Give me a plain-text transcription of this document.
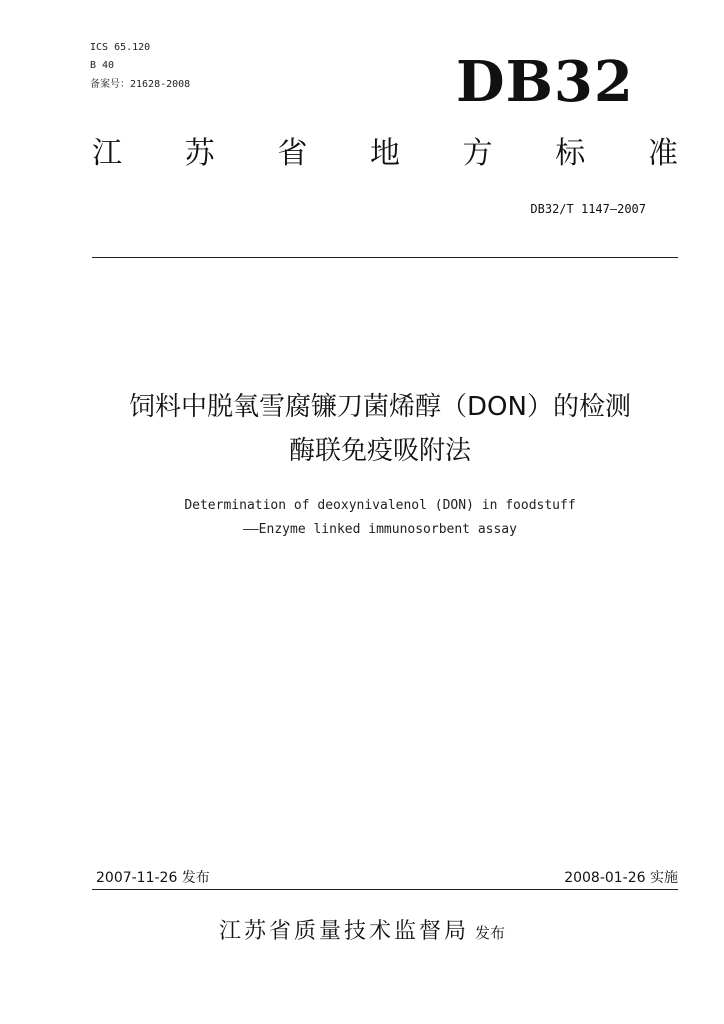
ICS 65.120
B 40
备案号：21628-2008	DB32
江 苏 省 地 方 标 准
DB32/T 1147—2007
饲料中脱氧雪腐镰刀菌烯醇（DON）的检测
酶联免疫吸附法
Determination of deoxynivalenol (DON) in foodstuff
——Enzyme linked immunosorbent assay
2007-11-26 发布	2008-01-26 实施
江苏省质量技术监督局 发布
